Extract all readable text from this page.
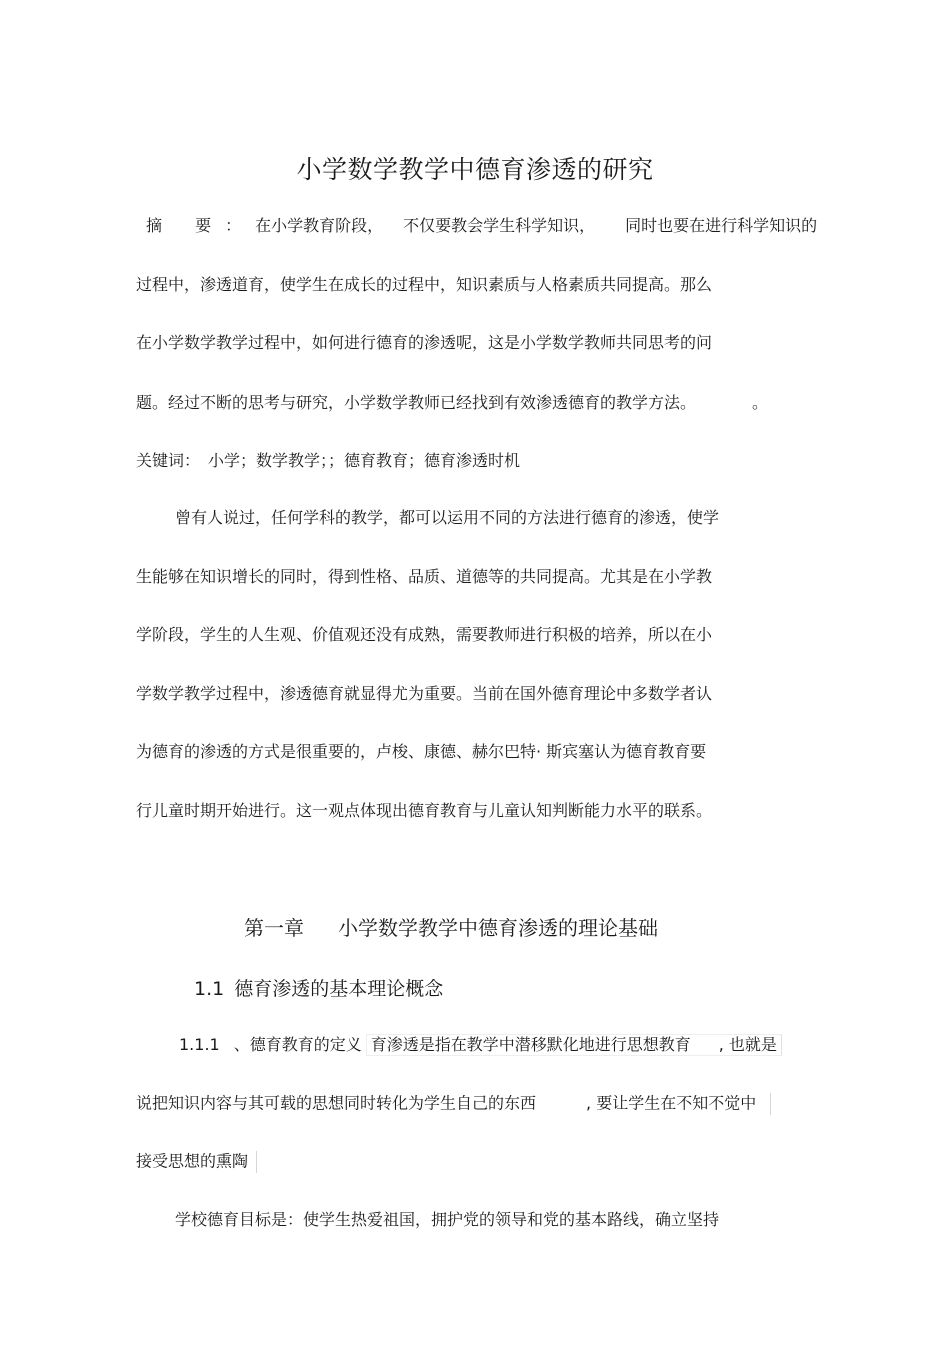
小学数学教学中德育渗透的研究
摘 要：在小学教育阶段， 不仅要教会学生科学知识， 同时也要在进行科学知识的
过程中，渗透道育，使学生在成长的过程中，知识素质与人格素质共同提高。那么
在小学数学教学过程中，如何进行德育的渗透呢，这是小学数学教师共同思考的问
题。经过不断的思考与研究，小学数学教师已经找到有效渗透德育的教学方法。	。
关键词： 小学；数学教学；；德育教育；德育渗透时机
曾有人说过，任何学科的教学，都可以运用不同的方法进行德育的渗透，使学
生能够在知识增长的同时，得到性格、品质、道德等的共同提高。尤其是在小学教
学阶段，学生的人生观、价值观还没有成熟，需要教师进行积极的培养，所以在小
学数学教学过程中，渗透德育就显得尤为重要。当前在国外德育理论中多数学者认
为德育的渗透的方式是很重要的，卢梭、康德、赫尔巴特· 斯宾塞认为德育教育要
行儿童时期开始进行。这一观点体现出德育教育与儿童认知判断能力水平的联系。
第一章 小学数学教学中德育渗透的理论基础
1.1 德育渗透的基本理论概念
1.1.1 、德育教育的定义 育渗透是指在教学中潜移默化地进行思想教育 , 也就是
说把知识内容与其可载的思想同时转化为学生自己的东西	, 要让学生在不知不觉中
接受思想的熏陶
学校德育目标是：使学生热爱祖国，拥护党的领导和党的基本路线，确立坚持
